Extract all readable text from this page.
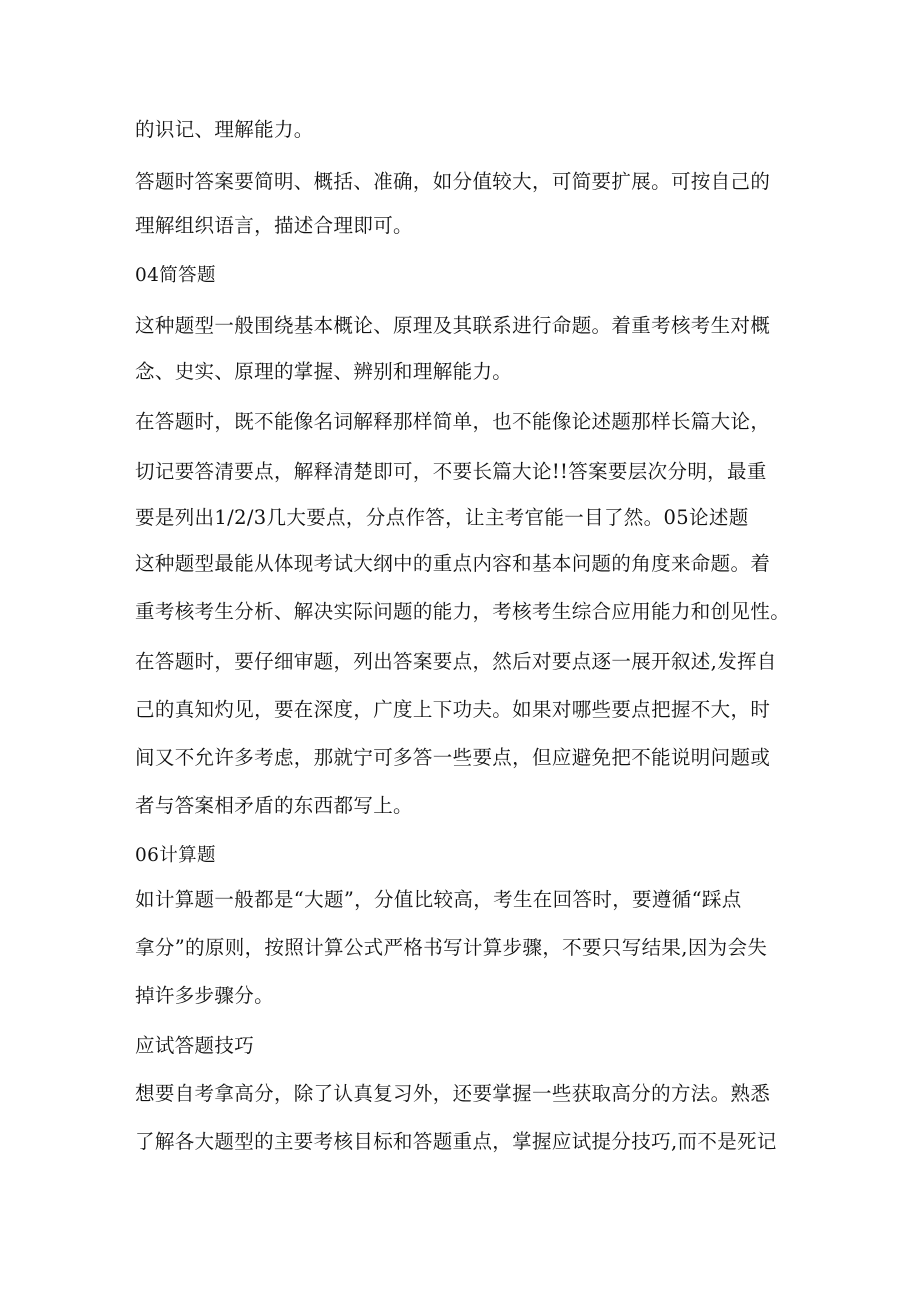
的识记、理解能力。
答题时答案要简明、概括、准确，如分值较大，可简要扩展。可按自己的
理解组织语言，描述合理即可。
04简答题
这种题型一般围绕基本概论、原理及其联系进行命题。着重考核考生对概
念、史实、原理的掌握、辨别和理解能力。
在答题时，既不能像名词解释那样简单，也不能像论述题那样长篇大论，
切记要答清要点，解释清楚即可，不要长篇大论!!答案要层次分明，最重
要是列出1/2/3几大要点，分点作答，让主考官能一目了然。05论述题
这种题型最能从体现考试大纲中的重点内容和基本问题的角度来命题。着
重考核考生分析、解决实际问题的能力，考核考生综合应用能力和创见性。
在答题时，要仔细审题，列出答案要点，然后对要点逐一展开叙述,发挥自
己的真知灼见，要在深度，广度上下功夫。如果对哪些要点把握不大，时
间又不允许多考虑，那就宁可多答一些要点，但应避免把不能说明问题或
者与答案相矛盾的东西都写上。
06计算题
如计算题一般都是“大题”，分值比较高，考生在回答时，要遵循“踩点
拿分”的原则，按照计算公式严格书写计算步骤，不要只写结果,因为会失
掉许多步骤分。
应试答题技巧
想要自考拿高分，除了认真复习外，还要掌握一些获取高分的方法。熟悉
了解各大题型的主要考核目标和答题重点，掌握应试提分技巧,而不是死记
